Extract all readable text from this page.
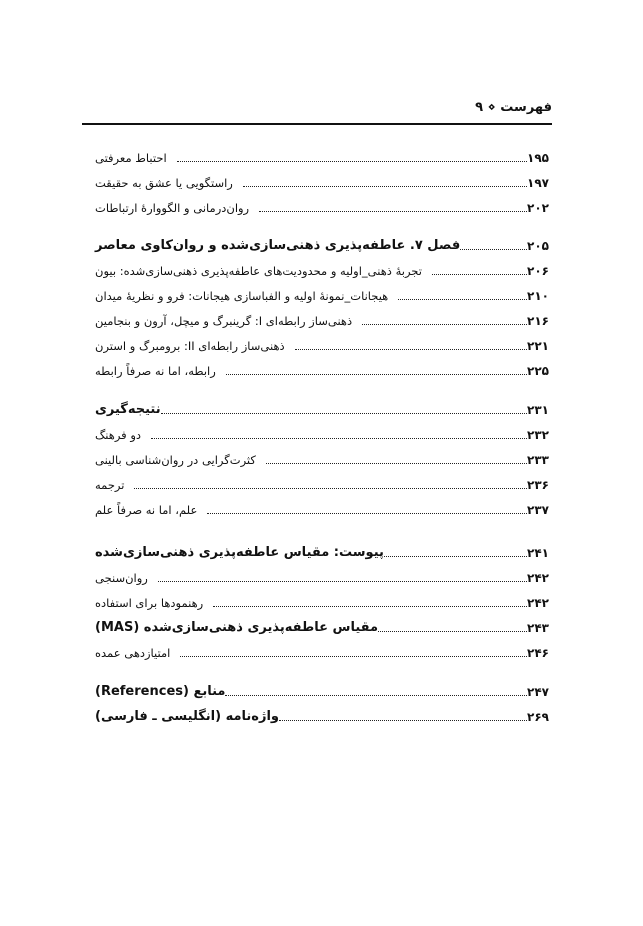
فهرست ⋄ ۹
احتباط معرفتی	۱۹۵
راستگویی یا عشق به حقیقت	۱۹۷
روان‌درمانی و الگووارهٔ ارتباطات	۲۰۲
فصل ۷. عاطفه‌پذیری ذهنی‌سازی‌شده و روان‌کاوی معاصر	۲۰۵
تجربهٔ ذهنی_اولیه و محدودیت‌های عاطفه‌پذیری ذهنی‌سازی‌شده: بیون	۲۰۶
هیجانات_نمونهٔ اولیه و الفباسازی هیجانات: فرو و نظریهٔ میدان	۲۱۰
ذهنی‌ساز رابطه‌ای I: گرینبرگ و میچل، آرون و بنجامین	۲۱۶
ذهنی‌ساز رابطه‌ای II: برومبرگ و استرن	۲۲۱
رابطه، اما نه صرفاً رابطه	۲۲۵
نتیجه‌گیری	۲۳۱
دو فرهنگ	۲۳۲
کثرت‌گرایی در روان‌شناسی بالینی	۲۳۳
ترجمه	۲۳۶
علم، اما نه صرفاً علم	۲۳۷
پیوست: مقیاس عاطفه‌پذیری ذهنی‌سازی‌شده	۲۴۱
روان‌سنجی	۲۴۲
رهنمودها برای استفاده	۲۴۲
مقیاس عاطفه‌پذیری ذهنی‌سازی‌شده (MAS)	۲۴۳
امتیازدهی عمده	۲۴۶
منابع (References)	۲۴۷
واژه‌نامه (انگلیسی ـ فارسی)	۲۶۹
